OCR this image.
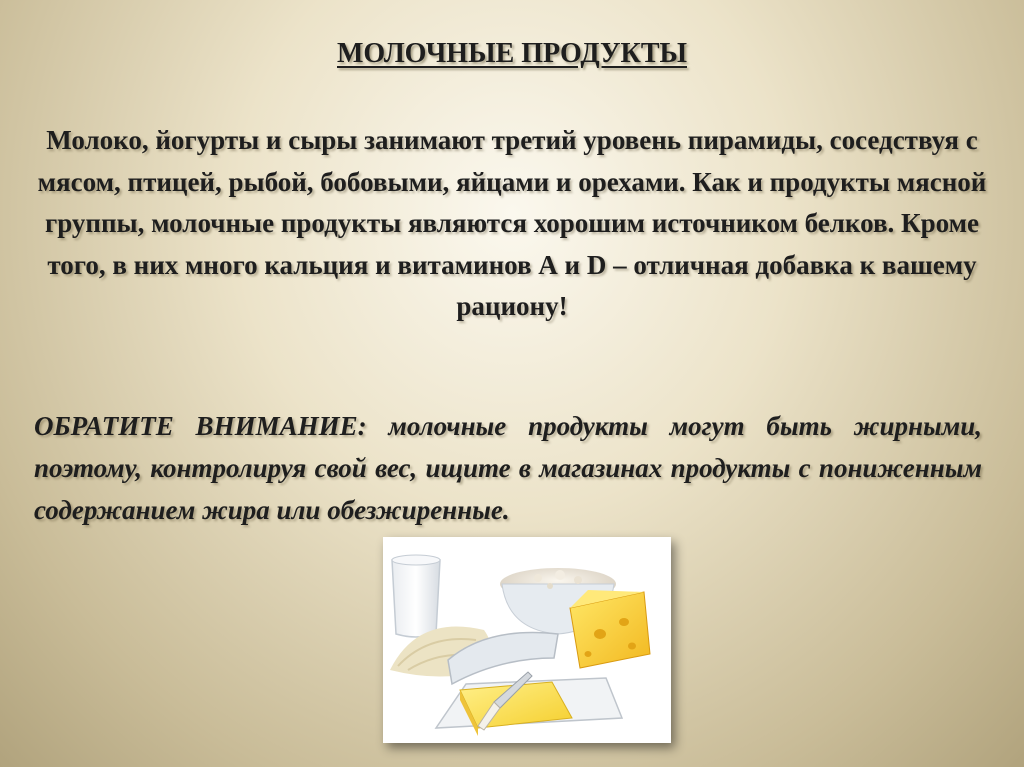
МОЛОЧНЫЕ ПРОДУКТЫ

Молоко, йогурты и сыры занимают третий уровень пирамиды, соседствуя с мясом, птицей, рыбой, бобовыми, яйцами и орехами. Как и продукты мясной группы, молочные продукты являются хорошим источником белков. Кроме того, в них много кальция и витаминов А и D – отличная добавка к вашему рациону!

ОБРАТИТЕ ВНИМАНИЕ: молочные продукты могут быть жирными, поэтому, контролируя свой вес, ищите в магазинах продукты с пониженным содержанием жира или обезжиренные.
